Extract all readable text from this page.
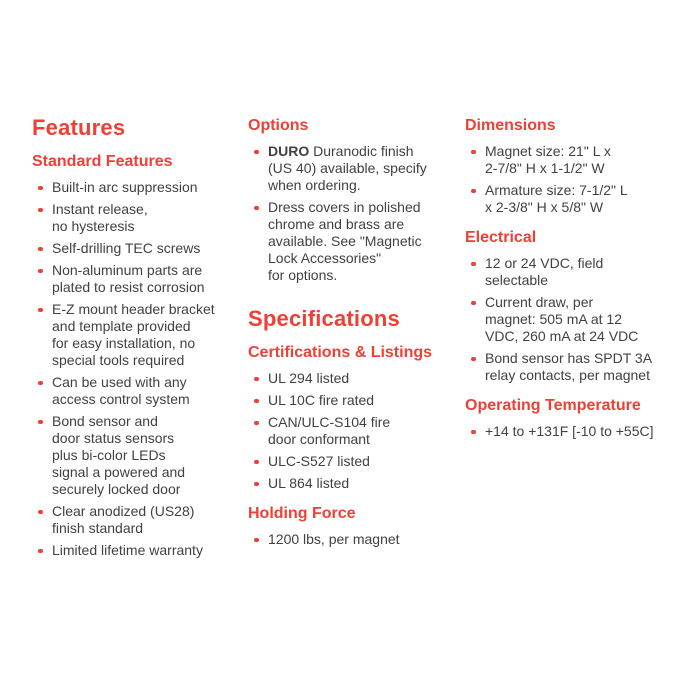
Features
Standard Features
Built-in arc suppression
Instant release,
no hysteresis
Self-drilling TEC screws
Non-aluminum parts are
plated to resist corrosion
E-Z mount header bracket
and template provided
for easy installation, no
special tools required
Can be used with any
access control system
Bond sensor and
door status sensors
plus bi-color LEDs
signal a powered and
securely locked door
Clear anodized (US28)
finish standard
Limited lifetime warranty
Options
DURO Duranodic finish
(US 40) available, specify
when ordering.
Dress covers in polished
chrome and brass are
available. See "Magnetic
Lock Accessories"
for options.
Specifications
Certifications & Listings
UL 294 listed
UL 10C fire rated
CAN/ULC-S104 fire
door conformant
ULC-S527 listed
UL 864 listed
Holding Force
1200 lbs, per magnet
Dimensions
Magnet size: 21" L x
2-7/8" H x 1-1/2" W
Armature size: 7-1/2" L
x 2-3/8" H x 5/8" W
Electrical
12 or 24 VDC, field
selectable
Current draw, per
magnet: 505 mA at 12
VDC, 260 mA at 24 VDC
Bond sensor has SPDT 3A
relay contacts, per magnet
Operating Temperature
+14 to +131F [-10 to +55C]
